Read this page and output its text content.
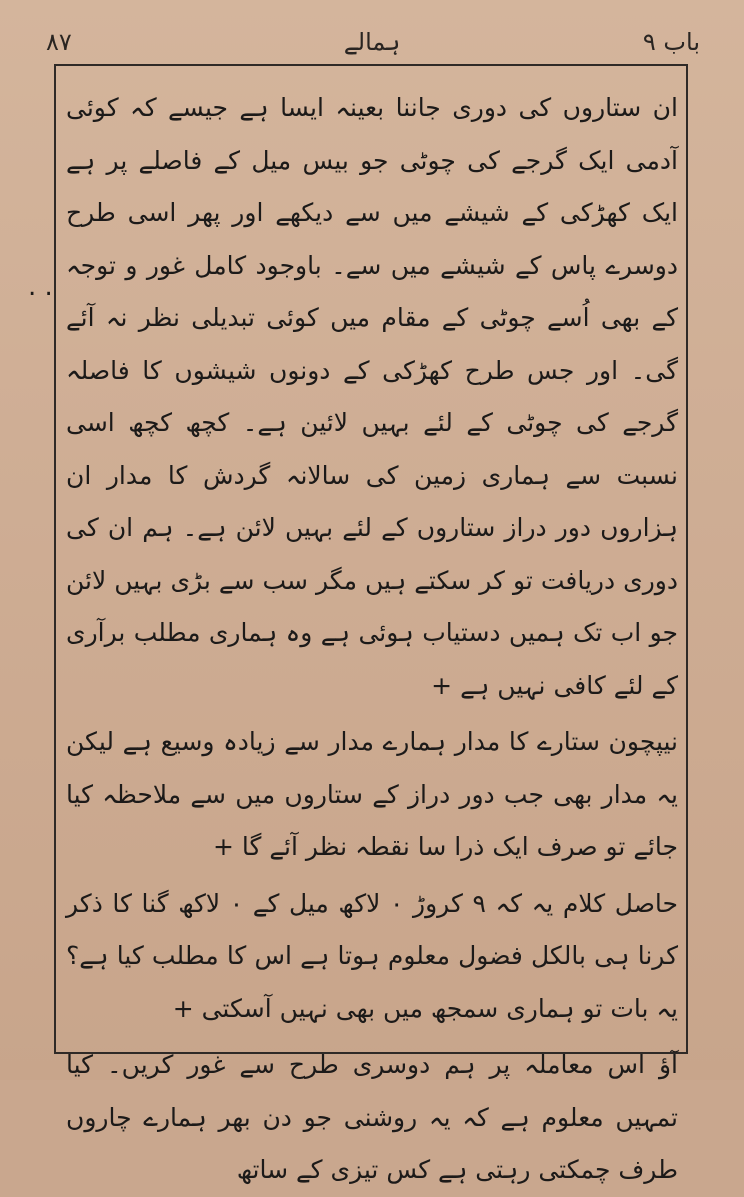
باب ۹
ہمالے
۸۷
. .

ان ستاروں کی دوری جاننا بعینہ ایسا ہے جیسے کہ کوئی آدمی ایک گرجے کی چوٹی جو بیس میل کے فاصلے پر ہے ایک کھڑکی کے شیشے میں سے دیکھے اور پھر اسی طرح دوسرے پاس کے شیشے میں سے۔ باوجود کامل غور و توجہ کے بھی اُسے چوٹی کے مقام میں کوئی تبدیلی نظر نہ آئے گی۔ اور جس طرح کھڑکی کے دونوں شیشوں کا فاصلہ گرجے کی چوٹی کے لئے بہیں لائین ہے۔ کچھ کچھ اسی نسبت سے ہماری زمین کی سالانہ گردش کا مدار ان ہزاروں دور دراز ستاروں کے لئے بہیں لائن ہے۔ ہم ان کی دوری دریافت تو کر سکتے ہیں مگر سب سے بڑی بہیں لائن جو اب تک ہمیں دستیاب ہوئی ہے وہ ہماری مطلب برآری کے لئے کافی نہیں ہے +

نیپچون ستارے کا مدار ہمارے مدار سے زیادہ وسیع ہے لیکن یہ مدار بھی جب دور دراز کے ستاروں میں سے ملاحظہ کیا جائے تو صرف ایک ذرا سا نقطہ نظر آئے گا +

حاصل کلام یہ کہ ۹ کروڑ ۰ لاکھ میل کے ۰ لاکھ گنا کا ذکر کرنا ہی بالکل فضول معلوم ہوتا ہے اس کا مطلب کیا ہے؟ یہ بات تو ہماری سمجھ میں بھی نہیں آسکتی +

آؤ اس معاملہ پر ہم دوسری طرح سے غور کریں۔ کیا تمہیں معلوم ہے کہ یہ روشنی جو دن بھر ہمارے چاروں طرف چمکتی رہتی ہے کس تیزی کے ساتھ
